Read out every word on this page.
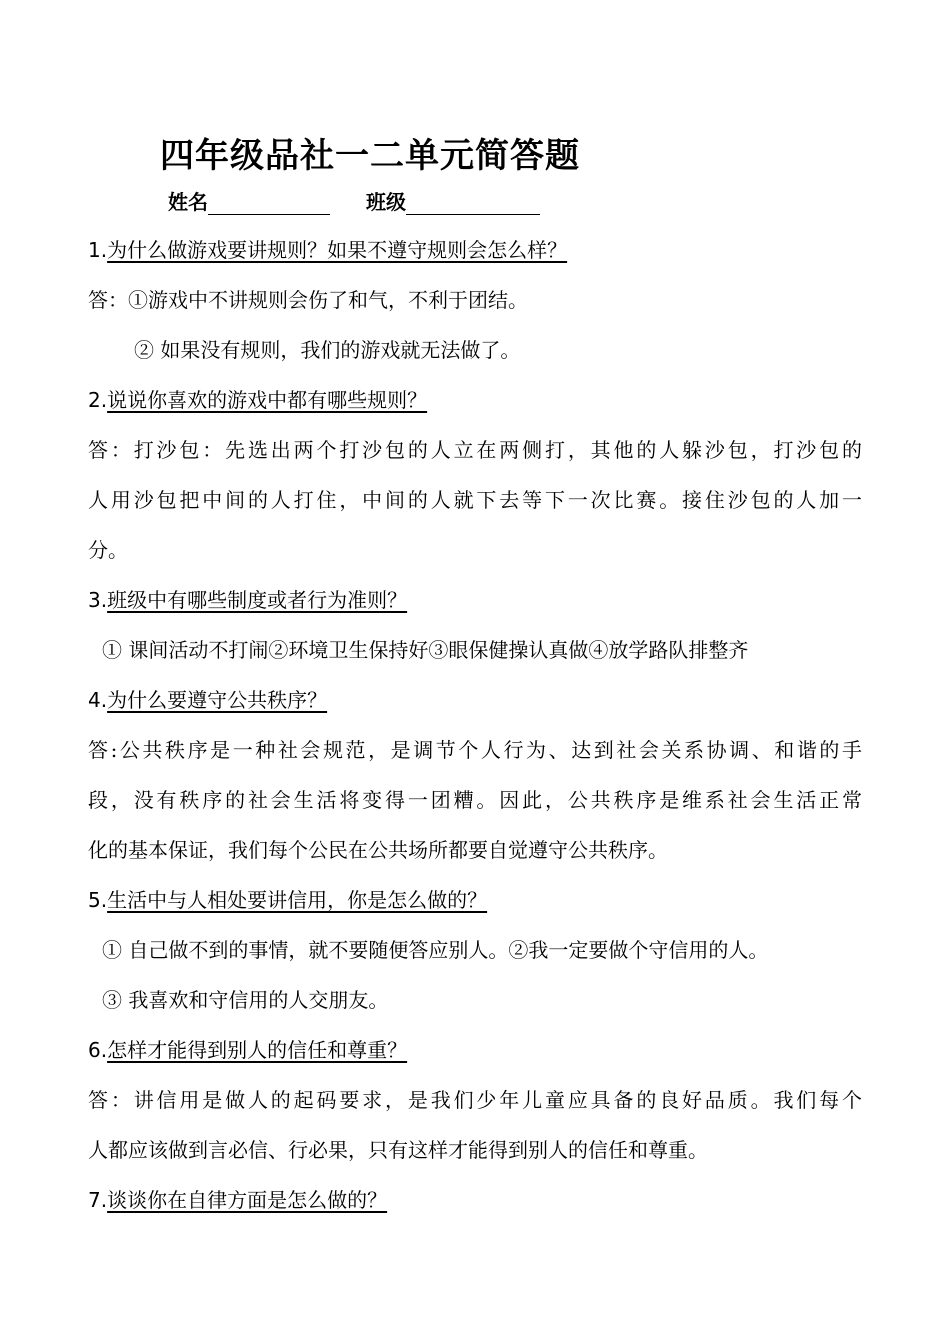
四年级品社一二单元简答题
姓名	班级
1.为什么做游戏要讲规则？如果不遵守规则会怎么样？
答：①游戏中不讲规则会伤了和气，不利于团结。
② 如果没有规则，我们的游戏就无法做了。
2.说说你喜欢的游戏中都有哪些规则？
答：打沙包：先选出两个打沙包的人立在两侧打，其他的人躲沙包，打沙包的
人用沙包把中间的人打住，中间的人就下去等下一次比赛。接住沙包的人加一
分。
3.班级中有哪些制度或者行为准则？
① 课间活动不打闹②环境卫生保持好③眼保健操认真做④放学路队排整齐
4.为什么要遵守公共秩序？
答:公共秩序是一种社会规范，是调节个人行为、达到社会关系协调、和谐的手
段，没有秩序的社会生活将变得一团糟。因此，公共秩序是维系社会生活正常
化的基本保证，我们每个公民在公共场所都要自觉遵守公共秩序。
5.生活中与人相处要讲信用，你是怎么做的？
① 自己做不到的事情，就不要随便答应别人。②我一定要做个守信用的人。
③ 我喜欢和守信用的人交朋友。
6.怎样才能得到别人的信任和尊重？
答：讲信用是做人的起码要求，是我们少年儿童应具备的良好品质。我们每个
人都应该做到言必信、行必果，只有这样才能得到别人的信任和尊重。
7.谈谈你在自律方面是怎么做的？
